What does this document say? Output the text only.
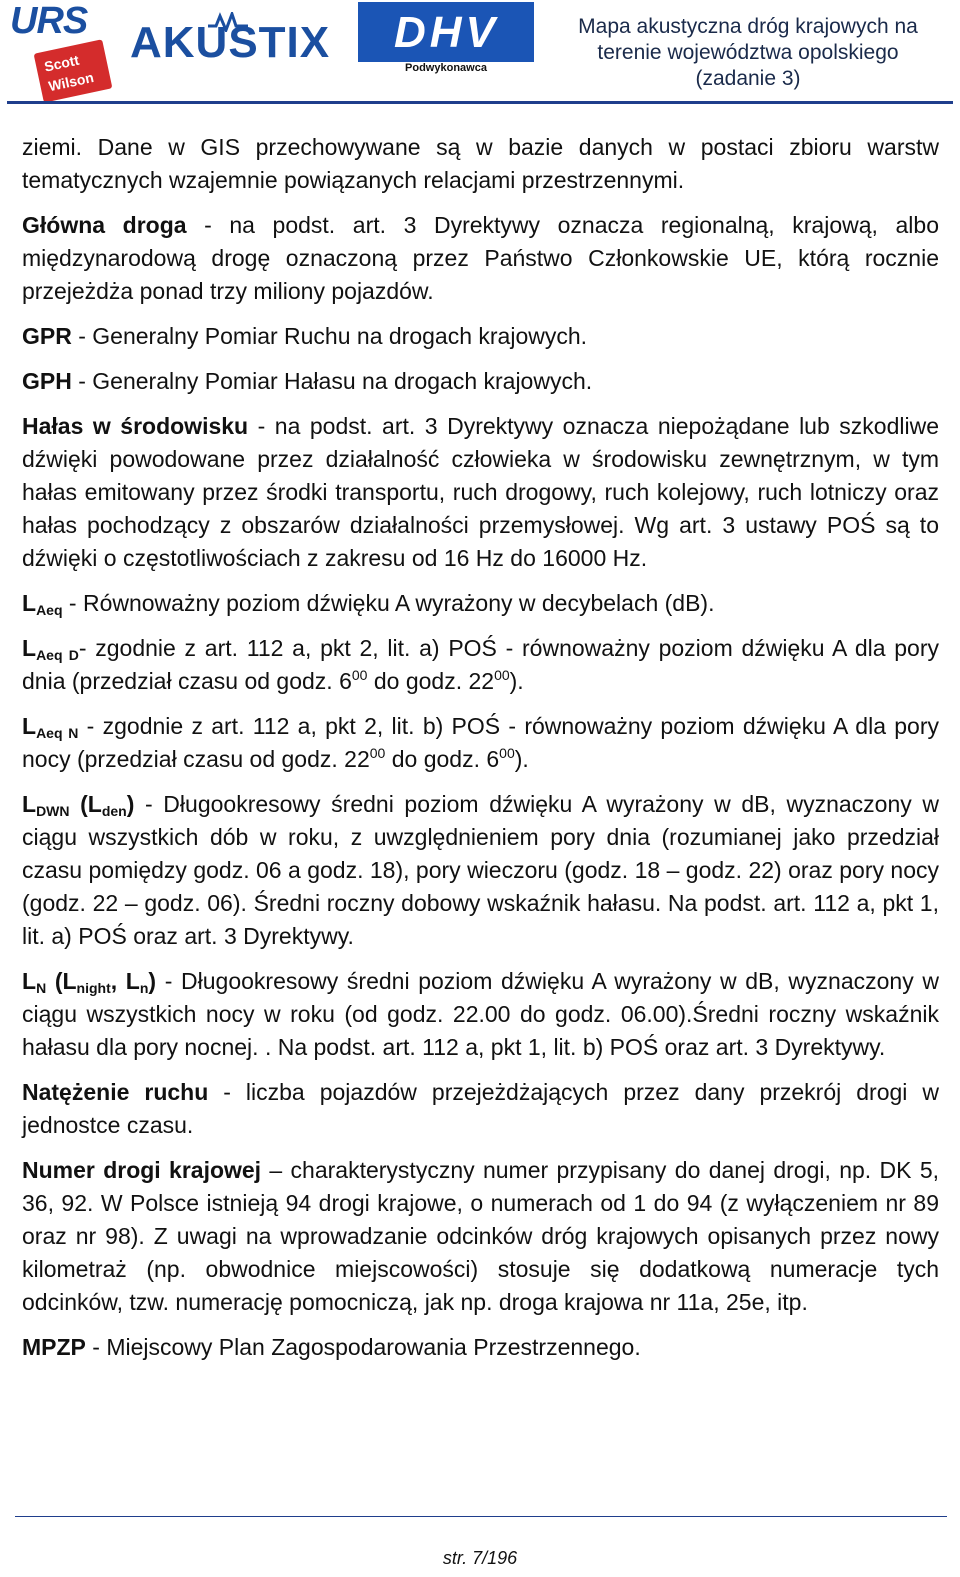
URS
Scott Wilson
AKUSTIX DHV
Podwykonawca
Mapa akustyczna dróg krajowych na
terenie województwa opolskiego
(zadanie 3)

ziemi. Dane w GIS przechowywane są w bazie danych w postaci zbioru warstw tematycznych wzajemnie powiązanych relacjami przestrzennymi.

Główna droga - na podst. art. 3 Dyrektywy oznacza regionalną, krajową, albo międzynarodową drogę oznaczoną przez Państwo Członkowskie UE, którą rocznie przejeżdża ponad trzy miliony pojazdów.

GPR - Generalny Pomiar Ruchu na drogach krajowych.

GPH - Generalny Pomiar Hałasu na drogach krajowych.

Hałas w środowisku - na podst. art. 3 Dyrektywy oznacza niepożądane lub szkodliwe dźwięki powodowane przez działalność człowieka w środowisku zewnętrznym, w tym hałas emitowany przez środki transportu, ruch drogowy, ruch kolejowy, ruch lotniczy oraz hałas pochodzący z obszarów działalności przemysłowej. Wg art. 3 ustawy POŚ są to dźwięki o częstotliwościach z zakresu od 16 Hz do 16000 Hz.

$L_{Aeq}$ - Równoważny poziom dźwięku A wyrażony w decybelach (dB).

$L_{Aeq D}-$ zgodnie z art. 112 a, pkt 2, lit. a) POŚ - równoważny poziom dźwięku A dla pory dnia (przedział czasu od godz. $6^{00}$ do godz. $22^{00}$).

$L_{Aeq N}$ - zgodnie z art. 112 a, pkt 2, lit. b) POŚ - równoważny poziom dźwięku A dla pory nocy (przedział czasu od godz. $22^{00}$ do godz. $6^{00}$).

$L_{DWN}$ $(L_{den})$ - Długookresowy średni poziom dźwięku A wyrażony w dB, wyznaczony w ciągu wszystkich dób w roku, z uwzględnieniem pory dnia (rozumianej jako przedział czasu pomiędzy godz. 06 a godz. 18), pory wieczoru (godz. 18 – godz. 22) oraz pory nocy (godz. 22 – godz. 06). Średni roczny dobowy wskaźnik hałasu. Na podst. art. 112 a, pkt 1, lit. a) POŚ oraz art. 3 Dyrektywy.

$L_N$ ($L_{night}$, $L_n$) - Długookresowy średni poziom dźwięku A wyrażony w dB, wyznaczony w ciągu wszystkich nocy w roku (od godz. 22.00 do godz. 06.00).Średni roczny wskaźnik hałasu dla pory nocnej. . Na podst. art. 112 a, pkt 1, lit. b) POŚ oraz art. 3 Dyrektywy.

Natężenie ruchu - liczba pojazdów przejeżdżających przez dany przekrój drogi w jednostce czasu.

Numer drogi krajowej – charakterystyczny numer przypisany do danej drogi, np. DK 5, 36, 92. W Polsce istnieją 94 drogi krajowe, o numerach od 1 do 94 (z wyłączeniem nr 89 oraz nr 98). Z uwagi na wprowadzanie odcinków dróg krajowych opisanych przez nowy kilometraż (np. obwodnice miejscowości) stosuje się dodatkową numeracje tych odcinków, tzw. numerację pomocniczą, jak np. droga krajowa nr 11a, 25e, itp.

MPZP - Miejscowy Plan Zagospodarowania Przestrzennego.

str. 7/196
